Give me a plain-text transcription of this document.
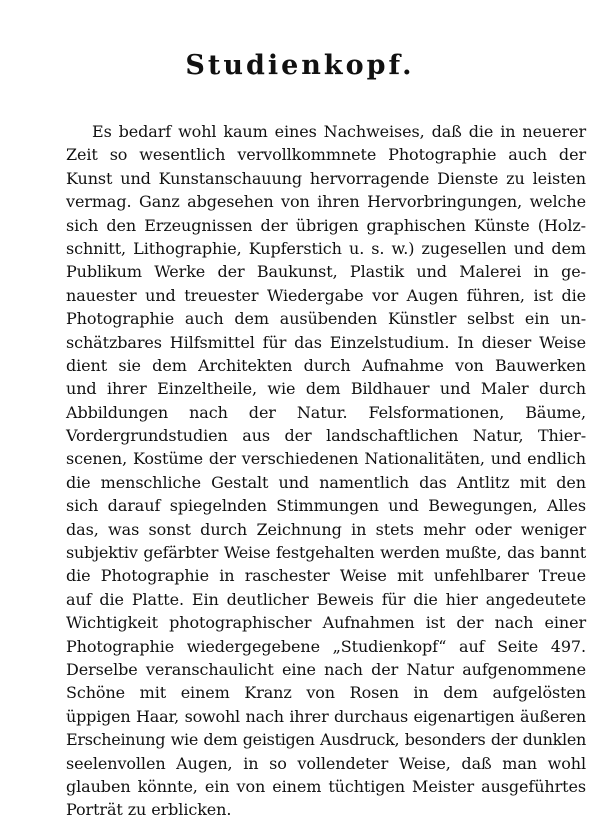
Studienkopf.
Es bedarf wohl kaum eines Nachweises, daß die in neuerer
Zeit so wesentlich vervollkommnete Photographie auch der
Kunst und Kunstanschauung hervorragende Dienste zu leisten
vermag. Ganz abgesehen von ihren Hervorbringungen, welche
sich den Erzeugnissen der übrigen graphischen Künste (Holz-
schnitt, Lithographie, Kupferstich u. s. w.) zugesellen und dem
Publikum Werke der Baukunst, Plastik und Malerei in ge-
nauester und treuester Wiedergabe vor Augen führen, ist die
Photographie auch dem ausübenden Künstler selbst ein un-
schätzbares Hilfsmittel für das Einzelstudium. In dieser Weise
dient sie dem Architekten durch Aufnahme von Bauwerken
und ihrer Einzeltheile, wie dem Bildhauer und Maler durch
Abbildungen nach der Natur. Felsformationen, Bäume,
Vordergrundstudien aus der landschaftlichen Natur, Thier-
scenen, Kostüme der verschiedenen Nationalitäten, und endlich
die menschliche Gestalt und namentlich das Antlitz mit den
sich darauf spiegelnden Stimmungen und Bewegungen, Alles
das, was sonst durch Zeichnung in stets mehr oder weniger
subjektiv gefärbter Weise festgehalten werden mußte, das bannt
die Photographie in raschester Weise mit unfehlbarer Treue
auf die Platte. Ein deutlicher Beweis für die hier angedeutete
Wichtigkeit photographischer Aufnahmen ist der nach einer
Photographie wiedergegebene „Studienkopf“ auf Seite 497.
Derselbe veranschaulicht eine nach der Natur aufgenommene
Schöne mit einem Kranz von Rosen in dem aufgelösten
üppigen Haar, sowohl nach ihrer durchaus eigenartigen äußeren
Erscheinung wie dem geistigen Ausdruck, besonders der dunklen
seelenvollen Augen, in so vollendeter Weise, daß man wohl
glauben könnte, ein von einem tüchtigen Meister ausgeführtes
Porträt zu erblicken.
